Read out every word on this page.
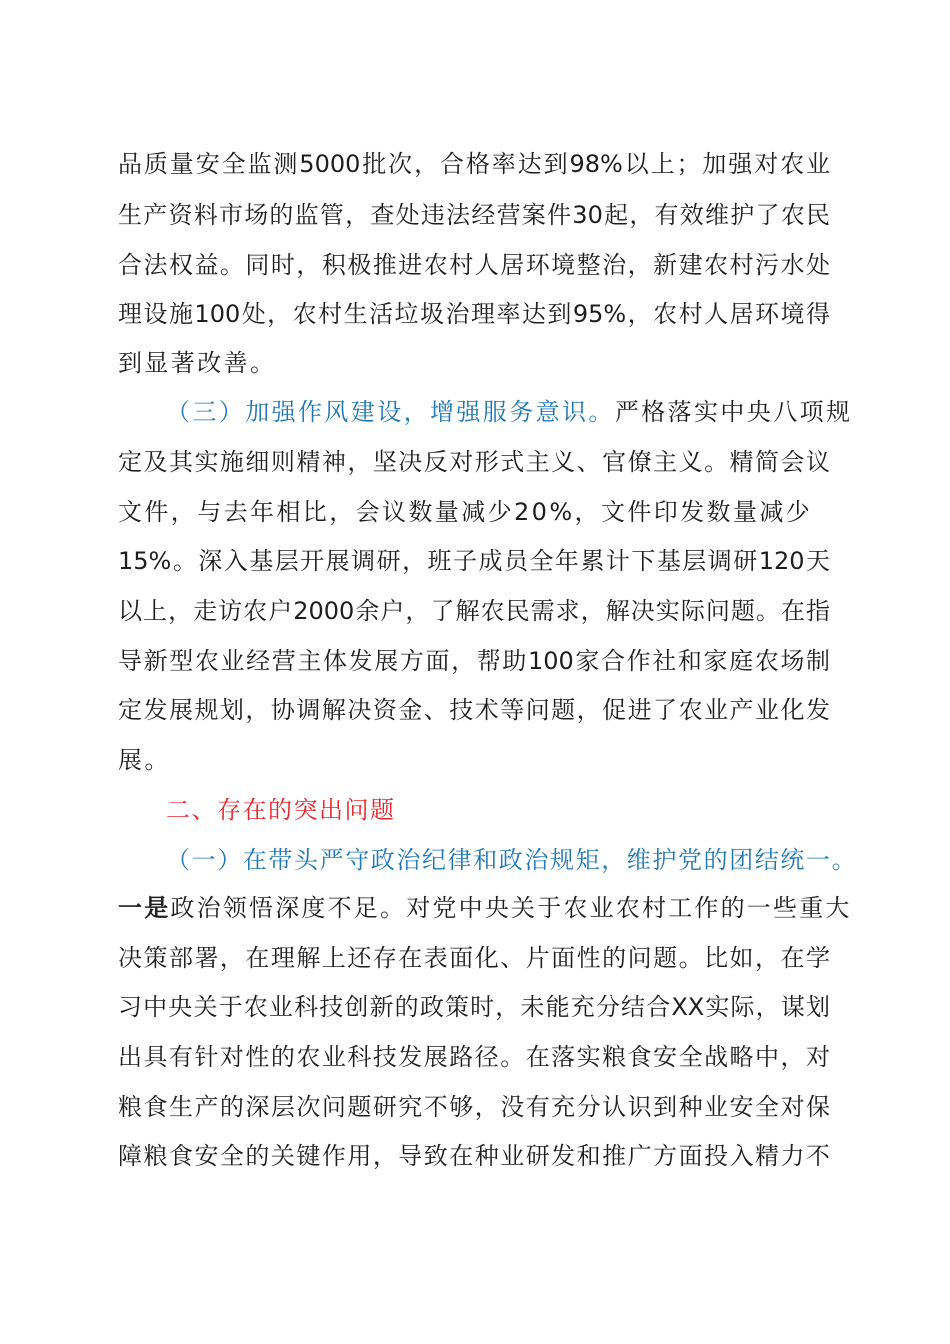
品质量安全监测5000批次，合格率达到98%以上；加强对农业
生产资料市场的监管，查处违法经营案件30起，有效维护了农民
合法权益。同时，积极推进农村人居环境整治，新建农村污水处
理设施100处，农村生活垃圾治理率达到95%，农村人居环境得
到显著改善。
（三）加强作风建设，增强服务意识。严格落实中央八项规
定及其实施细则精神，坚决反对形式主义、官僚主义。精简会议
文件，与去年相比，会议数量减少20%，文件印发数量减少
15%。深入基层开展调研，班子成员全年累计下基层调研120天
以上，走访农户2000余户，了解农民需求，解决实际问题。在指
导新型农业经营主体发展方面，帮助100家合作社和家庭农场制
定发展规划，协调解决资金、技术等问题，促进了农业产业化发
展。
二、存在的突出问题
（一）在带头严守政治纪律和政治规矩，维护党的团结统一。
一是政治领悟深度不足。对党中央关于农业农村工作的一些重大
决策部署，在理解上还存在表面化、片面性的问题。比如，在学
习中央关于农业科技创新的政策时，未能充分结合XX实际，谋划
出具有针对性的农业科技发展路径。在落实粮食安全战略中，对
粮食生产的深层次问题研究不够，没有充分认识到种业安全对保
障粮食安全的关键作用，导致在种业研发和推广方面投入精力不
